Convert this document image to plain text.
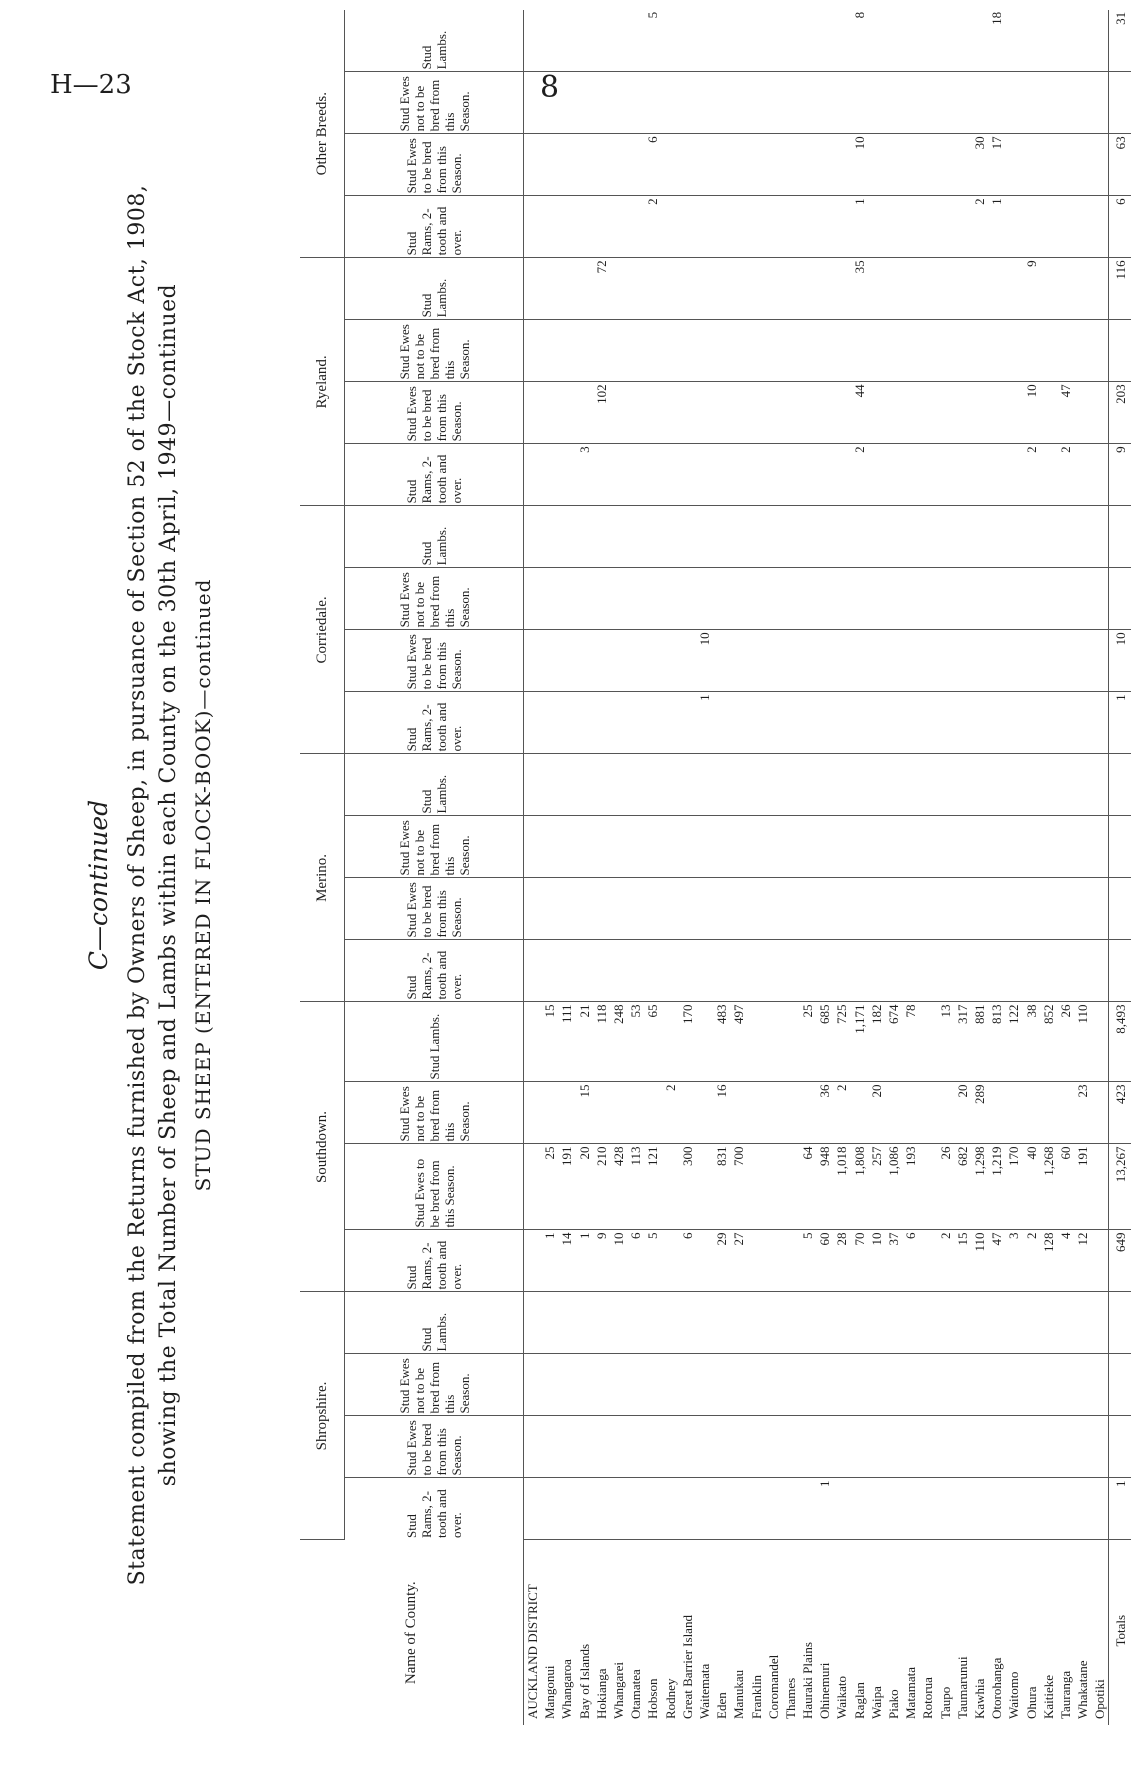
H—23	8
C—continued Statement compiled from the Returns furnished by Owners of Sheep, in pursuance of Section 52 of the Stock Act, 1908, showing the Total Number of Sheep and Lambs within each County on the 30th April, 1949—continued STUD SHEEP (ENTERED IN FLOCK-BOOK)—continued
Name of County.	Shropshire.				Southdown.				Merino.				Corriedale.				Ryeland.				Other Breeds.			
	Stud Rams, 2-tooth and over.	Stud Ewes to be bred from this Season.	Stud Ewes not to be bred from this Season.	Stud Lambs.	Stud Rams, 2-tooth and over.	Stud Ewes to be bred from this Season.	Stud Ewes not to be bred from this Season.	Stud Lambs.	Stud Rams, 2-tooth and over.	Stud Ewes to be bred from this Season.	Stud Ewes not to be bred from this Season.	Stud Lambs.	Stud Rams, 2-tooth and over.	Stud Ewes to be bred from this Season.	Stud Ewes not to be bred from this Season.	Stud Lambs.	Stud Rams, 2-tooth and over.	Stud Ewes to be bred from this Season.	Stud Ewes not to be bred from this Season.	Stud Lambs.	Stud Rams, 2-tooth and over.	Stud Ewes to be bred from this Season.	Stud Ewes not to be bred from this Season.	Stud Lambs.
AUCKLAND DISTRICT																								
Mangonui					1	25		15																
Whangaroa					14	191		111																
Bay of Islands					1	20	15	21									3							
Hokianga					9	210		118										102		72				
Whangarei					10	428		248																
Otamatea					6	113		53																
Hobson					5	121		65													2	6		5
Rodney							2																	
Great Barrier Island					6	300		170																
Waitemata													1	10										
Eden					29	831	16	483																
Manukau					27	700		497																
Franklin																								
Coromandel																								
Thames																								
Hauraki Plains					5	64		25																
Ohinemuri	1				60	948	36	685																
Waikato					28	1,018	2	725																
Raglan					70	1,808		1,171									2	44		35	1	10		8
Waipa					10	257	20	182																
Piako					37	1,086		674																
Matamata					6	193		78																
Rotorua																								
Taupo					2	26		13																
Taumarunui					15	682	20	317																
Kawhia					110	1,298	289	881													2	30		
Otorohanga					47	1,219		813													1	17		18
Waitomo					3	170		122																
Ohura					2	40		38									2	10		9				
Kaitieke					128	1,268		852																
Tauranga					4	60		26									2	47						
Whakatane					12	191	23	110																
Opotiki																								
Totals	1				649	13,267	423	8,493					1	10			9	203		116	6	63		31
